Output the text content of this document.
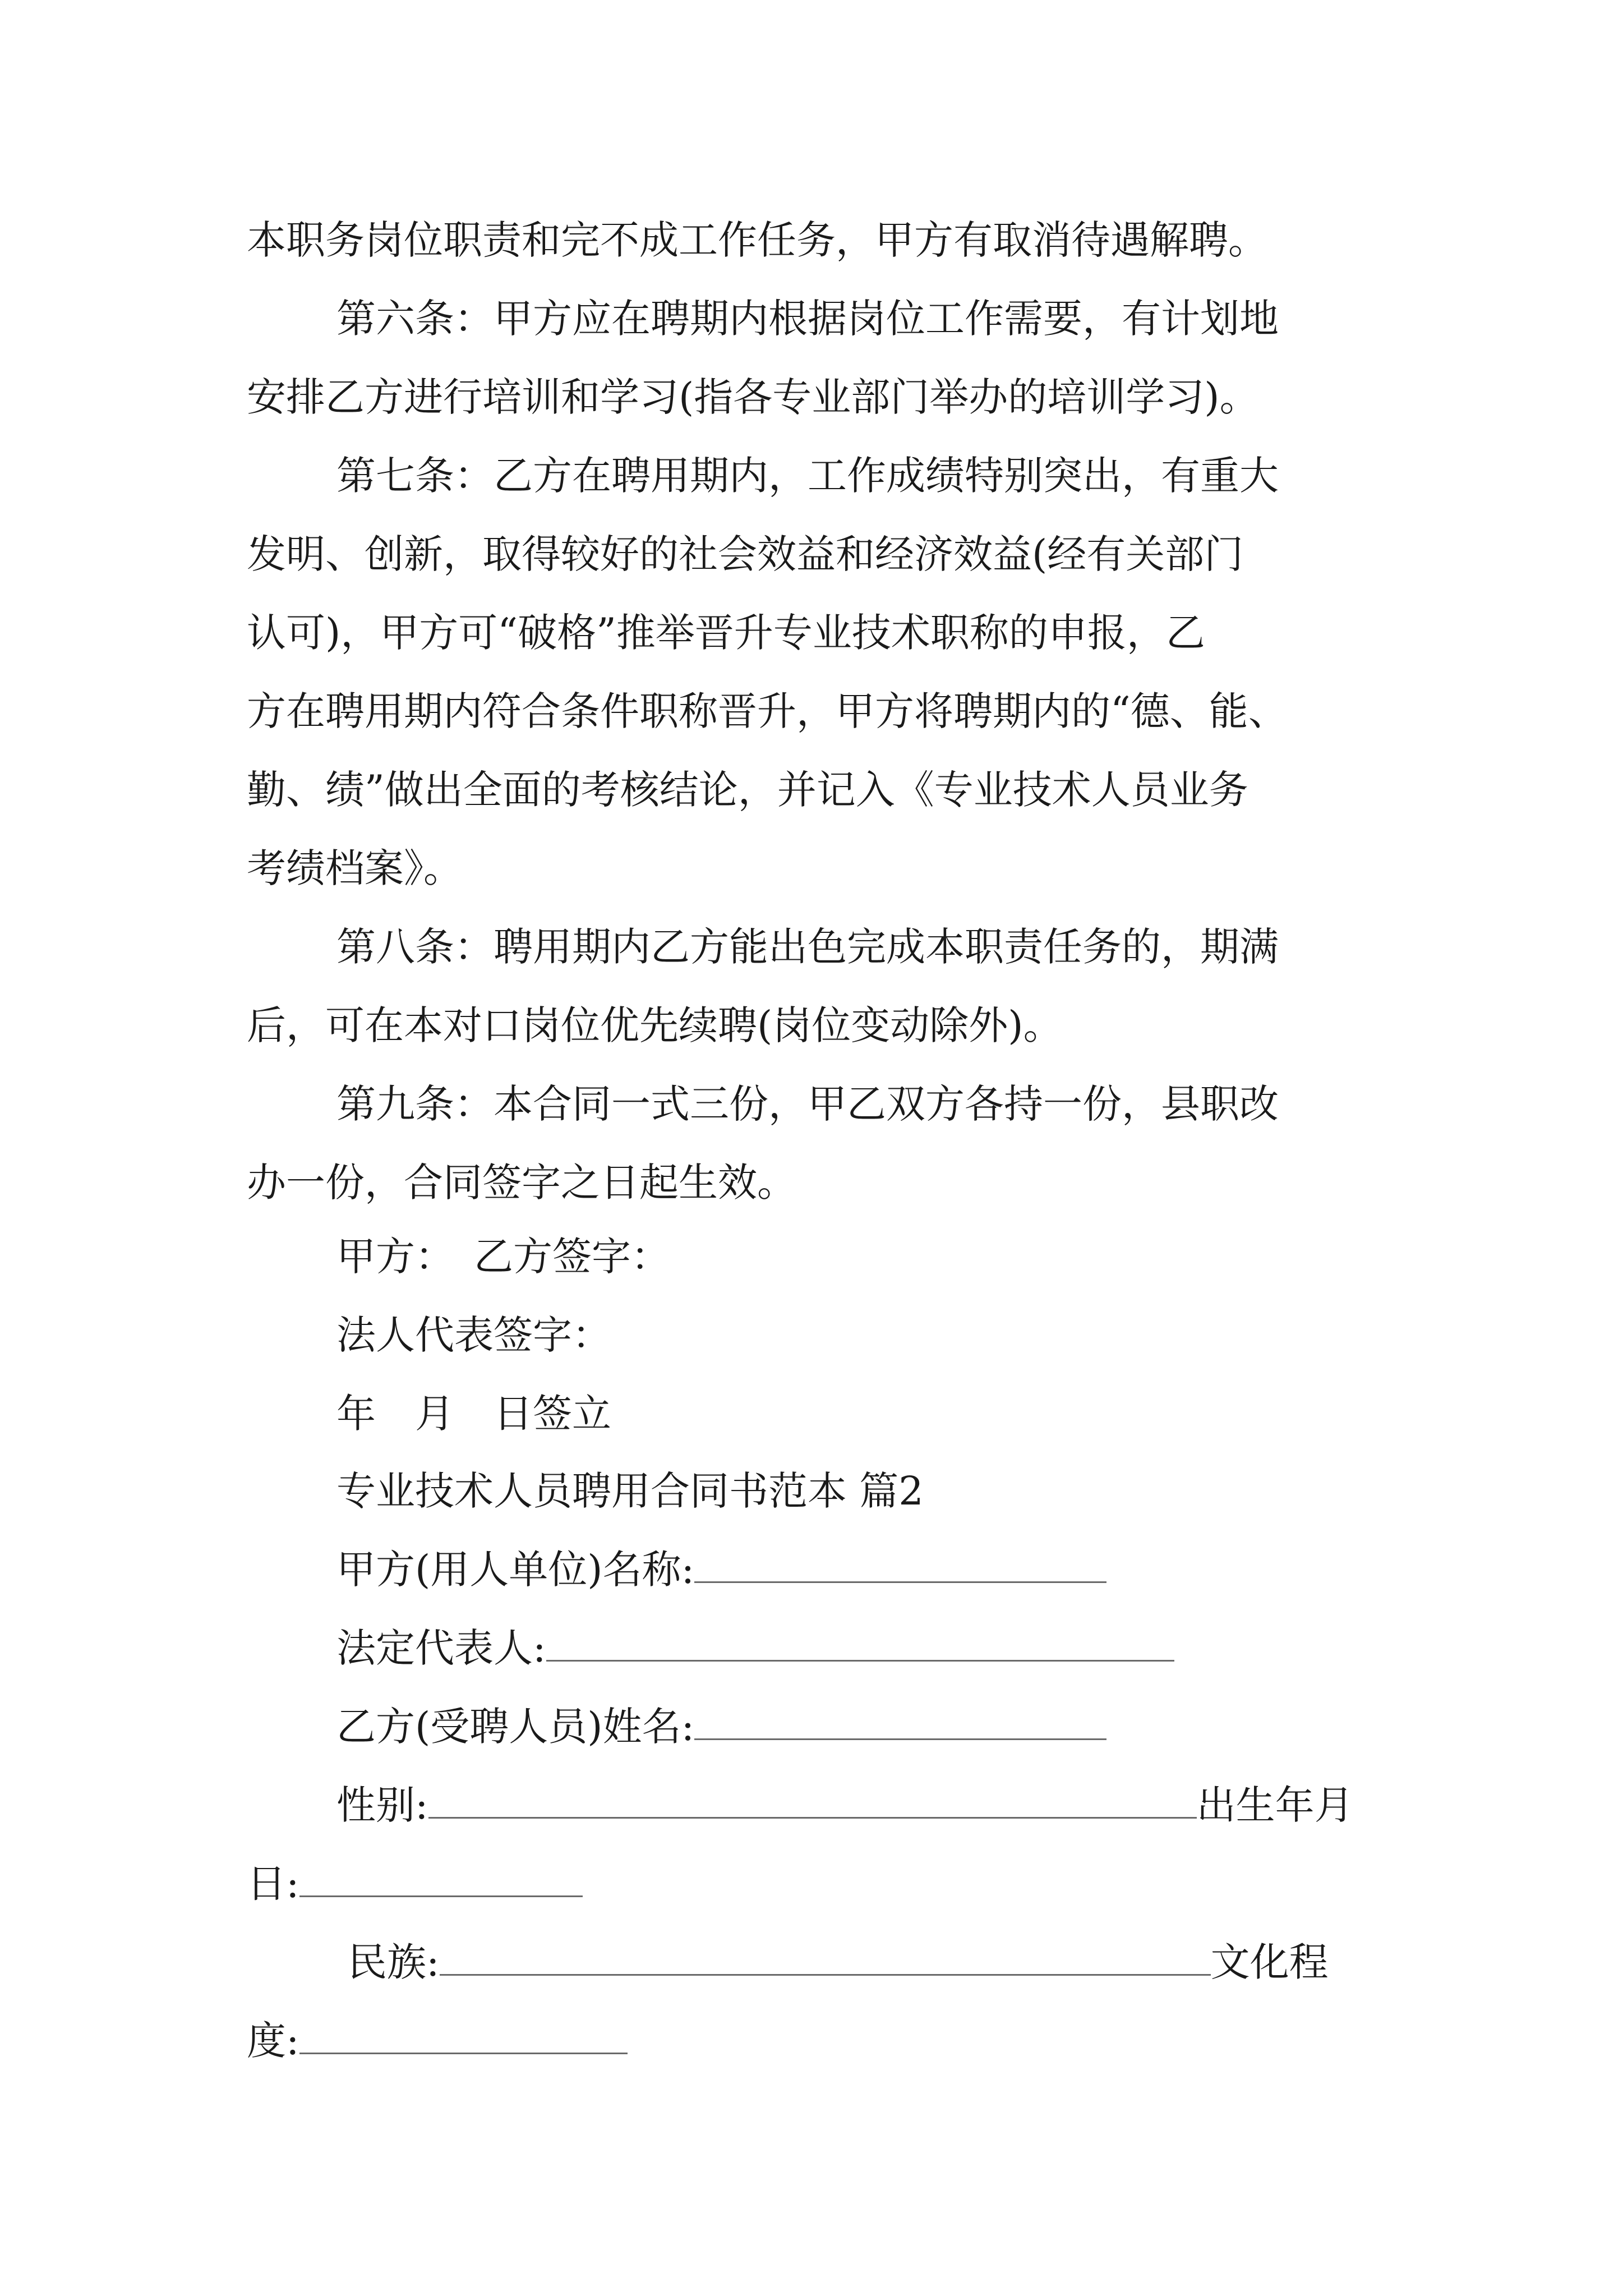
本职务岗位职责和完不成工作任务，甲方有取消待遇解聘。
第六条：甲方应在聘期内根据岗位工作需要，有计划地
安排乙方进行培训和学习(指各专业部门举办的培训学习)。
第七条：乙方在聘用期内，工作成绩特别突出，有重大
发明、创新，取得较好的社会效益和经济效益(经有关部门
认可)，甲方可“破格”推举晋升专业技术职称的申报，乙
方在聘用期内符合条件职称晋升，甲方将聘期内的“德、能、
勤、绩”做出全面的考核结论，并记入《专业技术人员业务
考绩档案》。
第八条：聘用期内乙方能出色完成本职责任务的，期满
后，可在本对口岗位优先续聘(岗位变动除外)。
第九条：本合同一式三份，甲乙双方各持一份，县职改
办一份，合同签字之日起生效。
甲方：　乙方签字：
法人代表签字：
年　月　日签立
专业技术人员聘用合同书范本 篇2
甲方(用人单位)名称:
法定代表人:
乙方(受聘人员)姓名:
性别:	出生年月
日:
民族:	文化程
度:
